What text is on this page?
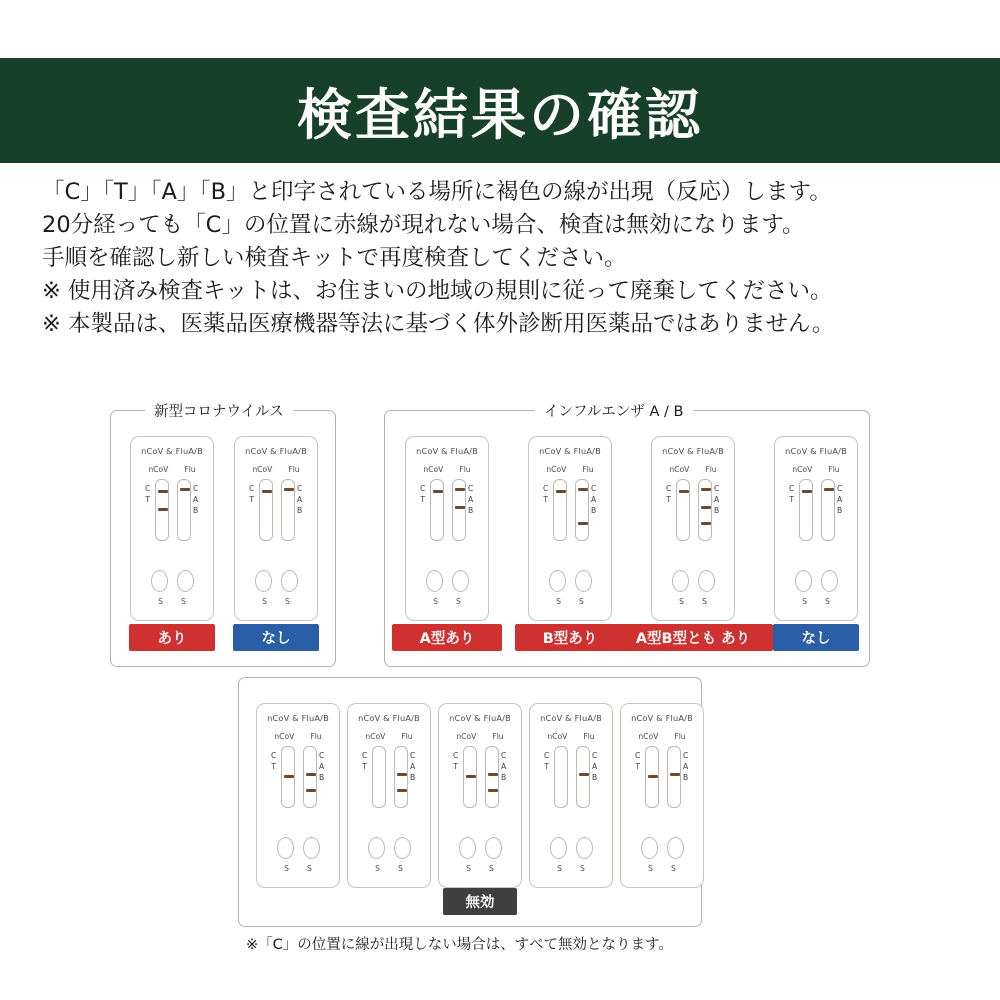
検査結果の確認
「C」「T」「A」「B」と印字されている場所に褐色の線が出現（反応）します。
20分経っても「C」の位置に赤線が現れない場合、検査は無効になります。
手順を確認し新しい検査キットで再度検査してください。
※ 使用済み検査キットは、お住まいの地域の規則に従って廃棄してください。
※ 本製品は、医薬品医療機器等法に基づく体外診断用医薬品ではありません。
新型コロナウイルス	インフルエンザ A / B
※「C」の位置に線が出現しない場合は、すべて無効となります。
nCoV & FluA/B
nCoV Flu
C
T
C
A
B
S S
あり
nCoV & FluA/B
nCoV Flu
C
T
C
A
B
S S
なし
nCoV & FluA/B
nCoV Flu
C
T
C
A
B
S S
A型あり
nCoV & FluA/B
nCoV Flu
C
T
C
A
B
S S
B型あり
nCoV & FluA/B
nCoV Flu
C
T
C
A
B
S S
A型B型とも あり
nCoV & FluA/B
nCoV Flu
C
T
C
A
B
S S
なし
nCoV & FluA/B
nCoV Flu
C
T
C
A
B
S S
nCoV & FluA/B
nCoV Flu
C
T
C
A
B
S S
nCoV & FluA/B
nCoV Flu
C
T
C
A
B
S S
無効
nCoV & FluA/B
nCoV Flu
C
T
C
A
B
S S
nCoV & FluA/B
nCoV Flu
C
T
C
A
B
S S
